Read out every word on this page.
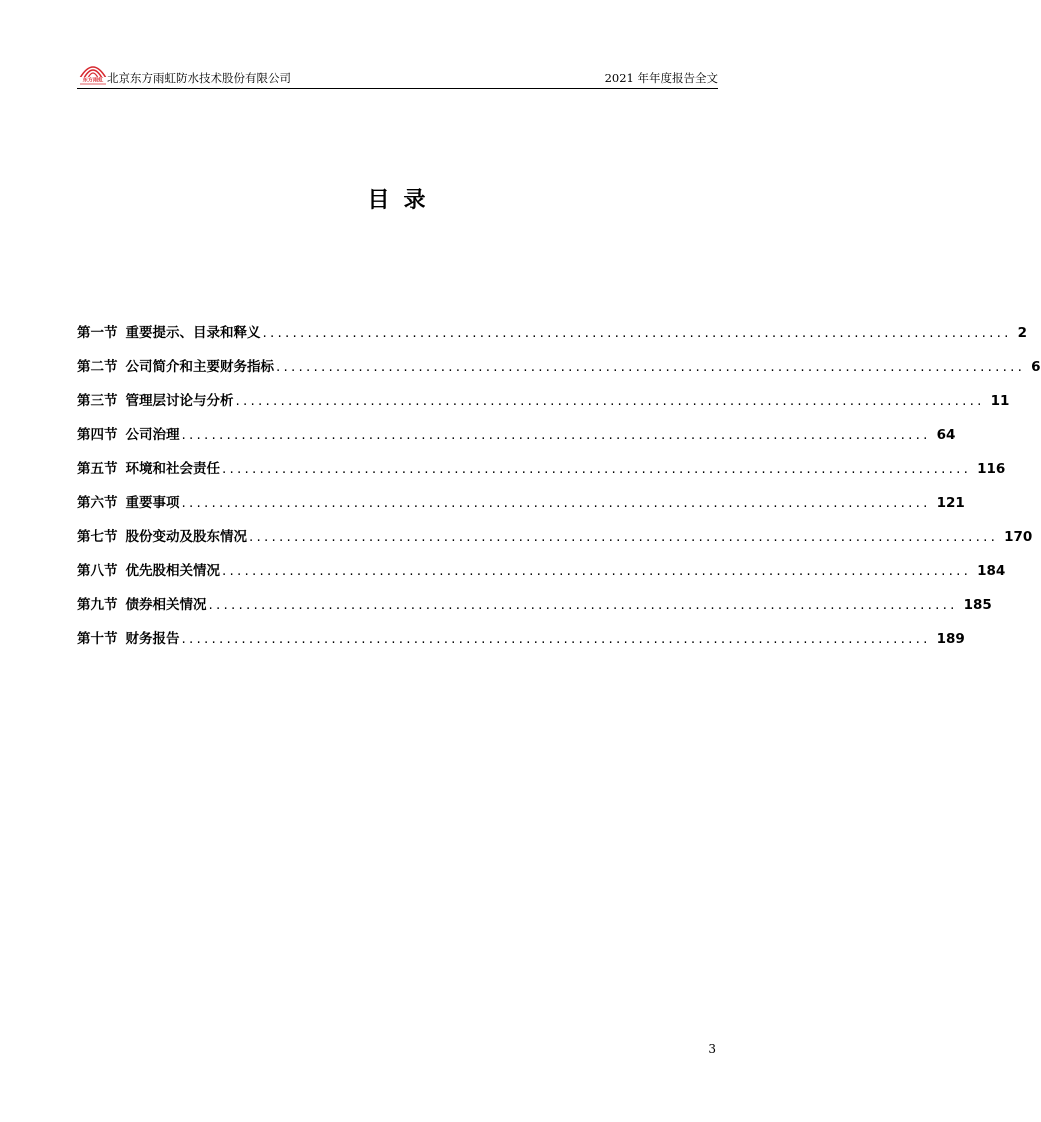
东方雨虹 北京东方雨虹防水技术股份有限公司	2021 年年度报告全文
目录
第一节 重要提示、目录和释义 .................................................................................................... 2
第二节 公司简介和主要财务指标 .................................................................................................... 6
第三节 管理层讨论与分析 .................................................................................................... 11
第四节 公司治理 .................................................................................................... 64
第五节 环境和社会责任 .................................................................................................... 116
第六节 重要事项 .................................................................................................... 121
第七节 股份变动及股东情况 .................................................................................................... 170
第八节 优先股相关情况 .................................................................................................... 184
第九节 债券相关情况 .................................................................................................... 185
第十节 财务报告 .................................................................................................... 189
3
